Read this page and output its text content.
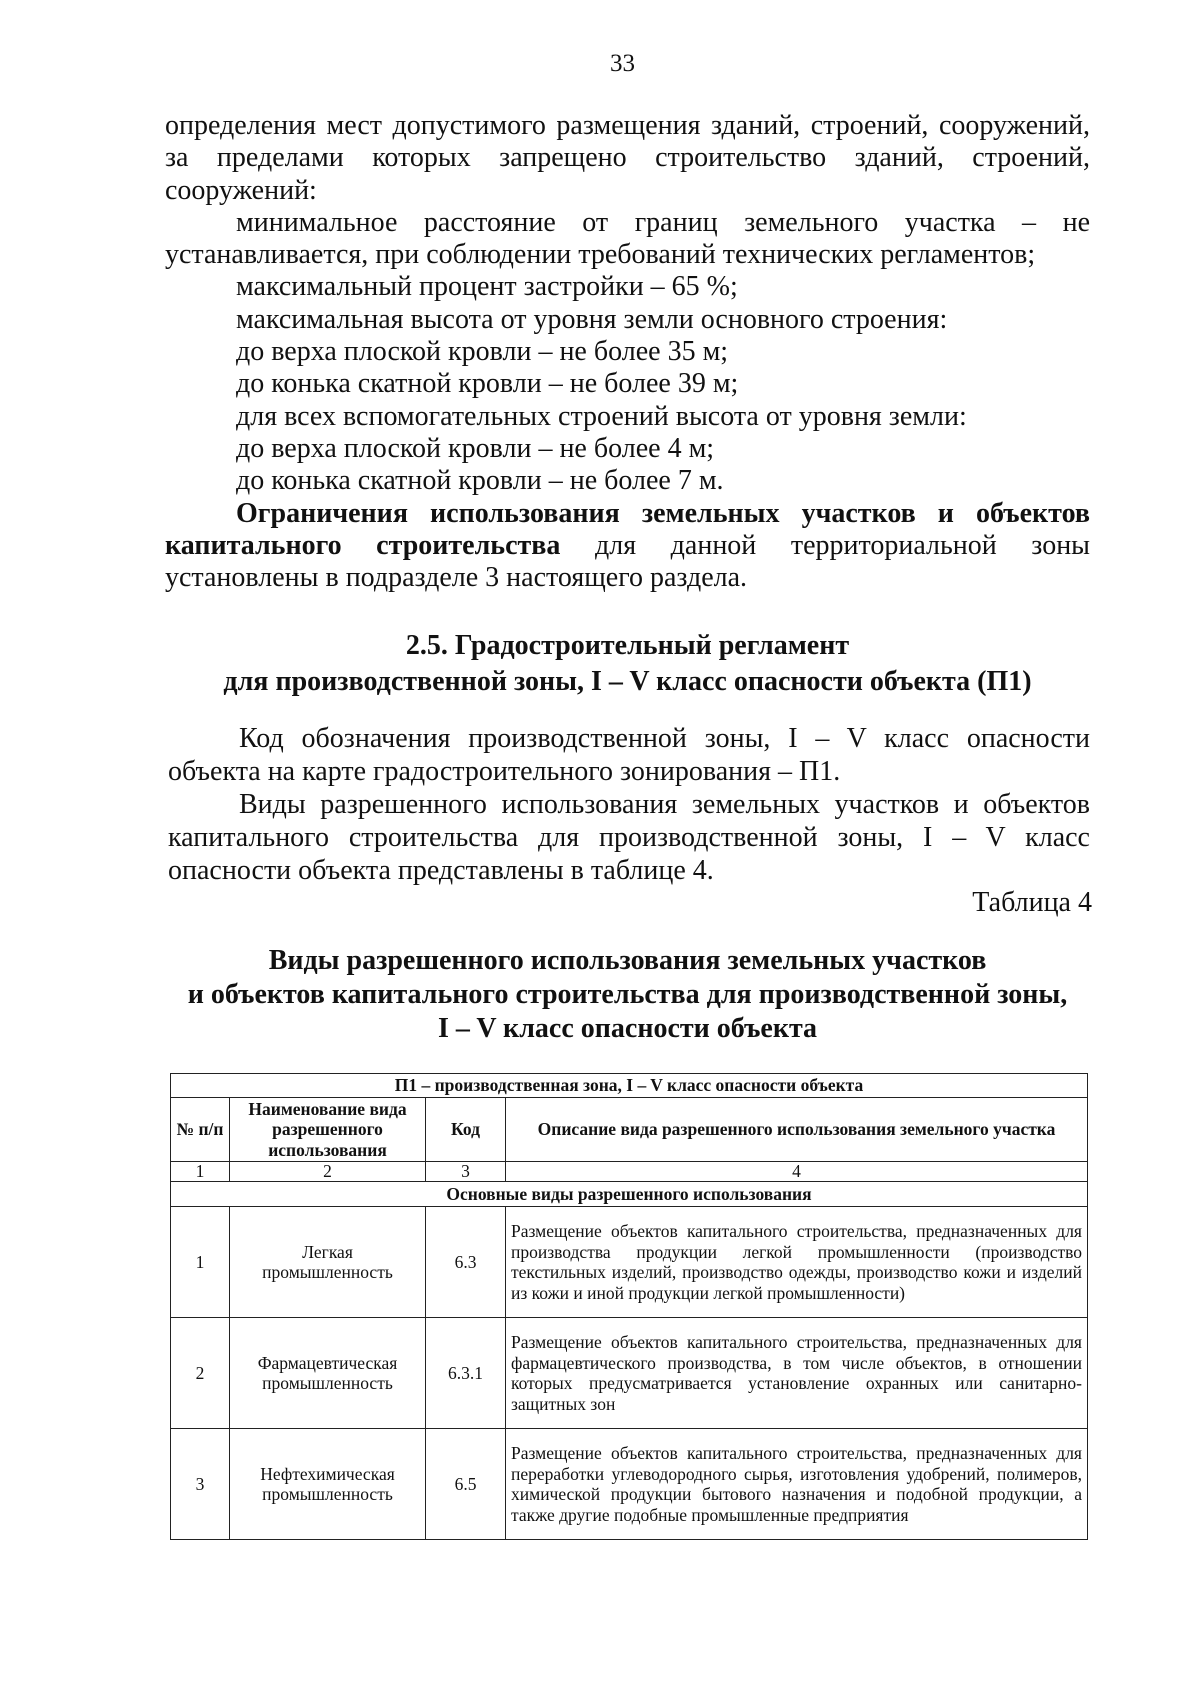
33

определения мест допустимого размещения зданий, строений, сооружений, за пределами которых запрещено строительство зданий, строений, сооружений:

минимальное расстояние от границ земельного участка – не устанавливается, при соблюдении требований технических регламентов;

максимальный процент застройки – 65 %;

максимальная высота от уровня земли основного строения:

до верха плоской кровли – не более 35 м;

до конька скатной кровли – не более 39 м;

для всех вспомогательных строений высота от уровня земли:

до верха плоской кровли – не более 4 м;

до конька скатной кровли – не более 7 м.

Ограничения использования земельных участков и объектов капитального строительства для данной территориальной зоны установлены в подразделе 3 настоящего раздела.

2.5. Градостроительный регламент
для производственной зоны, I – V класс опасности объекта (П1)

Код обозначения производственной зоны, I – V класс опасности объекта на карте градостроительного зонирования – П1.

Виды разрешенного использования земельных участков и объектов капитального строительства для производственной зоны, I – V класс опасности объекта представлены в таблице 4.

Таблица 4
Виды разрешенного использования земельных участков
и объектов капитального строительства для производственной зоны,
I – V класс опасности объекта
П1 – производственная зона, I – V класс опасности объекта			
№ п/п	Наименование вида разрешенного использования	Код	Описание вида разрешенного использования земельного участка
1	2	3	4
Основные виды разрешенного использования			
1	Легкая промышленность	6.3	Размещение объектов капитального строительства, предназначенных для производства продукции легкой промышленности (производство текстильных изделий, производство одежды, производство кожи и изделий из кожи и иной продукции легкой промышленности)
2	Фармацевтическая промышленность	6.3.1	Размещение объектов капитального строительства, предназначенных для фармацевтического производства, в том числе объектов, в отношении которых предусматривается установление охранных или санитарно-защитных зон
3	Нефтехимическая промышленность	6.5	Размещение объектов капитального строительства, предназначенных для переработки углеводородного сырья, изготовления удобрений, полимеров, химической продукции бытового назначения и подобной продукции, а также другие подобные промышленные предприятия
